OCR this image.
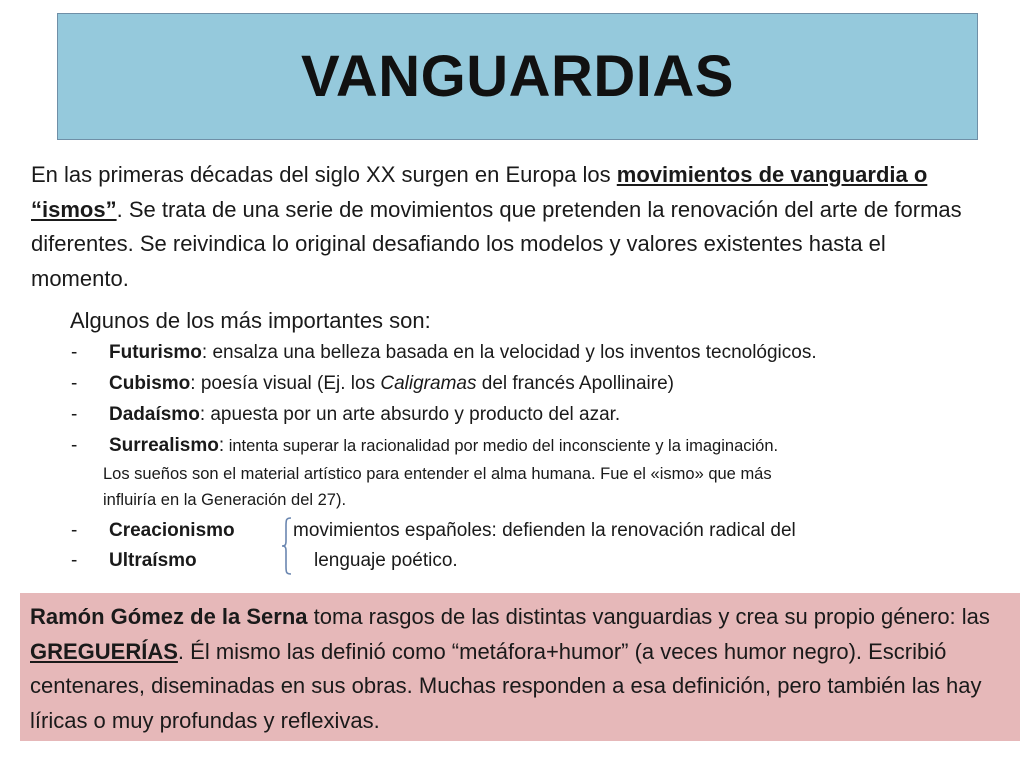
VANGUARDIAS
En las primeras décadas del siglo XX surgen en Europa los movimientos de vanguardia o “ismos”. Se trata de una serie de movimientos que pretenden la renovación del arte de formas diferentes. Se reivindica lo original desafiando los modelos y valores existentes hasta el momento.
Algunos de los más importantes son:
- Futurismo: ensalza una belleza basada en la velocidad y los inventos tecnológicos.
- Cubismo: poesía visual (Ej. los Caligramas del francés Apollinaire)
- Dadaísmo: apuesta por un arte absurdo y producto del azar.
- Surrealismo: intenta superar la racionalidad por medio del inconsciente y la imaginación.
Los sueños son el material artístico para entender el alma humana. Fue el «ismo» que más
influiría en la Generación del 27).
- Creacionismo
- Ultraísmo
movimientos españoles: defienden la renovación radical del
lenguaje poético.
Ramón Gómez de la Serna toma rasgos de las distintas vanguardias y crea su propio género: las GREGUERÍAS. Él mismo las definió como “metáfora+humor” (a veces humor negro). Escribió centenares, diseminadas en sus obras. Muchas responden a esa definición, pero también las hay líricas o muy profundas y reflexivas.
